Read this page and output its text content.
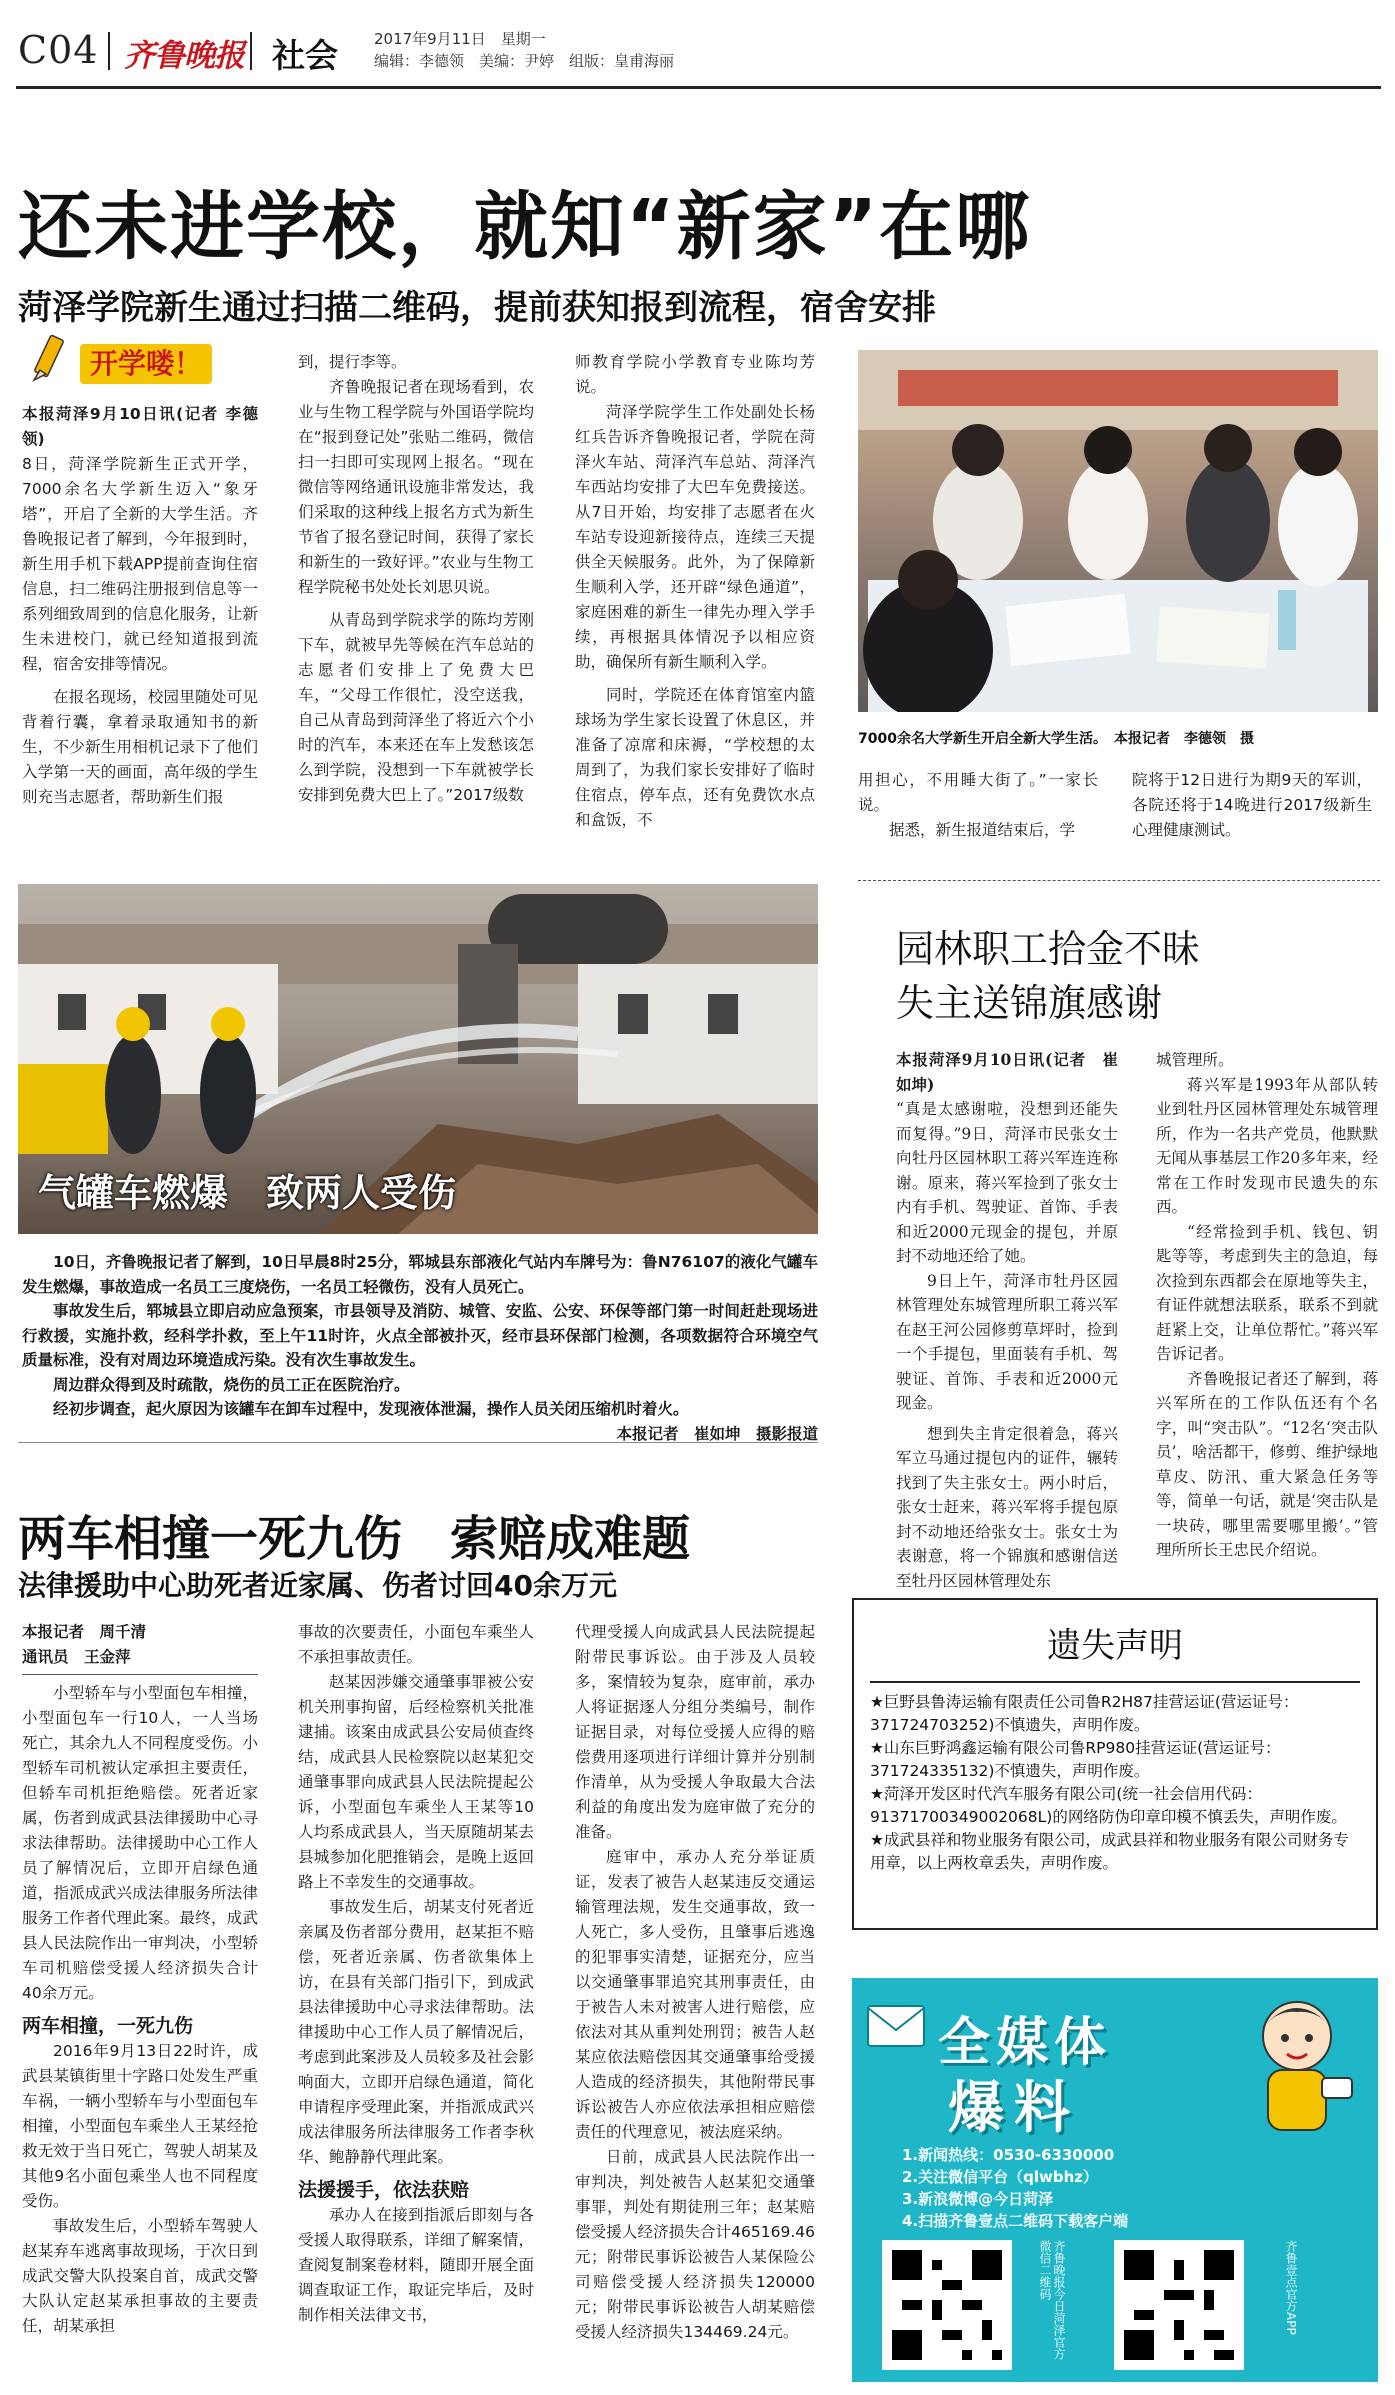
C04 齐鲁晚报 社会 2017年9月11日　星期一
编辑：李德领　美编：尹婷　组版：皇甫海丽
还未进学校，就知“新家”在哪
菏泽学院新生通过扫描二维码，提前获知报到流程，宿舍安排
开学喽！

本报菏泽9月10日讯(记者 李德领)

8日，菏泽学院新生正式开学，7000余名大学新生迈入“象牙塔”，开启了全新的大学生活。齐鲁晚报记者了解到，今年报到时，新生用手机下载APP提前查询住宿信息，扫二维码注册报到信息等一系列细致周到的信息化服务，让新生未进校门，就已经知道报到流程，宿舍安排等情况。

在报名现场，校园里随处可见背着行囊，拿着录取通知书的新生，不少新生用相机记录下了他们入学第一天的画面，高年级的学生则充当志愿者，帮助新生们报

到，提行李等。

齐鲁晚报记者在现场看到，农业与生物工程学院与外国语学院均在“报到登记处”张贴二维码，微信扫一扫即可实现网上报名。“现在微信等网络通讯设施非常发达，我们采取的这种线上报名方式为新生节省了报名登记时间，获得了家长和新生的一致好评。”农业与生物工程学院秘书处处长刘思贝说。

从青岛到学院求学的陈均芳刚下车，就被早先等候在汽车总站的志愿者们安排上了免费大巴车，“父母工作很忙，没空送我，自己从青岛到菏泽坐了将近六个小时的汽车，本来还在车上发愁该怎么到学院，没想到一下车就被学长安排到免费大巴上了。”2017级数

师教育学院小学教育专业陈均芳说。

菏泽学院学生工作处副处长杨红兵告诉齐鲁晚报记者，学院在菏泽火车站、菏泽汽车总站、菏泽汽车西站均安排了大巴车免费接送。从7日开始，均安排了志愿者在火车站专设迎新接待点，连续三天提供全天候服务。此外，为了保障新生顺利入学，还开辟“绿色通道”，家庭困难的新生一律先办理入学手续，再根据具体情况予以相应资助，确保所有新生顺利入学。

同时，学院还在体育馆室内篮球场为学生家长设置了休息区，并准备了凉席和床褥，“学校想的太周到了，为我们家长安排好了临时住宿点，停车点，还有免费饮水点和盒饭，不

7000余名大学新生开启全新大学生活。　本报记者　李德领　摄

用担心，不用睡大街了。”一家长说。

据悉，新生报道结束后，学

院将于12日进行为期9天的军训，各院还将于14晚进行2017级新生心理健康测试。

气罐车燃爆　致两人受伤

10日，齐鲁晚报记者了解到，10日早晨8时25分，郓城县东部液化气站内车牌号为：鲁N76107的液化气罐车发生燃爆，事故造成一名员工三度烧伤，一名员工轻微伤，没有人员死亡。

事故发生后，郓城县立即启动应急预案，市县领导及消防、城管、安监、公安、环保等部门第一时间赶赴现场进行救援，实施扑救，经科学扑救，至上午11时许，火点全部被扑灭，经市县环保部门检测，各项数据符合环境空气质量标准，没有对周边环境造成污染。没有次生事故发生。

周边群众得到及时疏散，烧伤的员工正在医院治疗。

经初步调查，起火原因为该罐车在卸车过程中，发现液体泄漏，操作人员关闭压缩机时着火。

本报记者　崔如坤　摄影报道

园林职工拾金不昧
失主送锦旗感谢

本报菏泽9月10日讯(记者　崔如坤)

“真是太感谢啦，没想到还能失而复得。”9日，菏泽市民张女士向牡丹区园林职工蒋兴军连连称谢。原来，蒋兴军捡到了张女士内有手机、驾驶证、首饰、手表和近2000元现金的提包，并原封不动地还给了她。

9日上午，菏泽市牡丹区园林管理处东城管理所职工蒋兴军在赵王河公园修剪草坪时，捡到一个手提包，里面装有手机、驾驶证、首饰、手表和近2000元现金。

想到失主肯定很着急，蒋兴军立马通过提包内的证件，辗转找到了失主张女士。两小时后，张女士赶来，蒋兴军将手提包原封不动地还给张女士。张女士为表谢意，将一个锦旗和感谢信送至牡丹区园林管理处东

城管理所。

蒋兴军是1993年从部队转业到牡丹区园林管理处东城管理所，作为一名共产党员，他默默无闻从事基层工作20多年来，经常在工作时发现市民遗失的东西。

“经常捡到手机、钱包、钥匙等等，考虑到失主的急迫，每次捡到东西都会在原地等失主，有证件就想法联系，联系不到就赶紧上交，让单位帮忙。”蒋兴军告诉记者。

齐鲁晚报记者还了解到，蒋兴军所在的工作队伍还有个名字，叫“突击队”。“12名‘突击队员’，啥活都干，修剪、维护绿地草皮、防汛、重大紧急任务等等，简单一句话，就是‘突击队是一块砖，哪里需要哪里搬’。”管理所所长王忠民介绍说。

两车相撞一死九伤　索赔成难题
法律援助中心助死者近家属、伤者讨回40余万元

本报记者　周千清

通讯员　王金萍

小型轿车与小型面包车相撞，小型面包车一行10人，一人当场死亡，其余九人不同程度受伤。小型轿车司机被认定承担主要责任，但轿车司机拒绝赔偿。死者近家属，伤者到成武县法律援助中心寻求法律帮助。法律援助中心工作人员了解情况后，立即开启绿色通道，指派成武兴成法律服务所法律服务工作者代理此案。最终，成武县人民法院作出一审判决，小型轿车司机赔偿受援人经济损失合计40余万元。

两车相撞，一死九伤

2016年9月13日22时许，成武县某镇街里十字路口处发生严重车祸，一辆小型轿车与小型面包车相撞，小型面包车乘坐人王某经抢救无效于当日死亡，驾驶人胡某及其他9名小面包乘坐人也不同程度受伤。

事故发生后，小型轿车驾驶人赵某弃车逃离事故现场，于次日到成武交警大队投案自首，成武交警大队认定赵某承担事故的主要责任，胡某承担

事故的次要责任，小面包车乘坐人不承担事故责任。

赵某因涉嫌交通肇事罪被公安机关刑事拘留，后经检察机关批准逮捕。该案由成武县公安局侦查终结，成武县人民检察院以赵某犯交通肇事罪向成武县人民法院提起公诉，小型面包车乘坐人王某等10人均系成武县人，当天原随胡某去县城参加化肥推销会，是晚上返回路上不幸发生的交通事故。

事故发生后，胡某支付死者近亲属及伤者部分费用，赵某拒不赔偿，死者近亲属、伤者欲集体上访，在县有关部门指引下，到成武县法律援助中心寻求法律帮助。法律援助中心工作人员了解情况后，考虑到此案涉及人员较多及社会影响面大，立即开启绿色通道，简化申请程序受理此案，并指派成武兴成法律服务所法律服务工作者李秋华、鲍静静代理此案。

法援援手，依法获赔

承办人在接到指派后即刻与各受援人取得联系，详细了解案情，查阅复制案卷材料，随即开展全面调查取证工作，取证完毕后，及时制作相关法律文书，

代理受援人向成武县人民法院提起附带民事诉讼。由于涉及人员较多，案情较为复杂，庭审前，承办人将证据逐人分组分类编号，制作证据目录，对每位受援人应得的赔偿费用逐项进行详细计算并分别制作清单，从为受援人争取最大合法利益的角度出发为庭审做了充分的准备。

庭审中，承办人充分举证质证，发表了被告人赵某违反交通运输管理法规，发生交通事故，致一人死亡，多人受伤，且肇事后逃逸的犯罪事实清楚，证据充分，应当以交通肇事罪追究其刑事责任，由于被告人未对被害人进行赔偿，应依法对其从重判处刑罚；被告人赵某应依法赔偿因其交通肇事给受援人造成的经济损失，其他附带民事诉讼被告人亦应依法承担相应赔偿责任的代理意见，被法庭采纳。

日前，成武县人民法院作出一审判决，判处被告人赵某犯交通肇事罪，判处有期徒刑三年；赵某赔偿受援人经济损失合计465169.46元；附带民事诉讼被告人某保险公司赔偿受援人经济损失120000元；附带民事诉讼被告人胡某赔偿受援人经济损失134469.24元。

遗失声明
★巨野县鲁涛运输有限责任公司鲁R2H87挂营运证(营运证号：371724703252)不慎遗失，声明作废。
★山东巨野鸿鑫运输有限公司鲁RP980挂营运证(营运证号：371724335132)不慎遗失，声明作废。
★菏泽开发区时代汽车服务有限公司(统一社会信用代码：91371700349002068L)的网络防伪印章印模不慎丢失，声明作废。
★成武县祥和物业服务有限公司，成武县祥和物业服务有限公司财务专用章，以上两枚章丢失，声明作废。
全媒体
爆料
1.新闻热线：0530-6330000
2.关注微信平台（qlwbhz）
3.新浪微博@今日菏泽
4.扫描齐鲁壹点二维码下载客户端
齐鲁晚报今日菏泽官方微信二维码	齐鲁壹点官方APP
